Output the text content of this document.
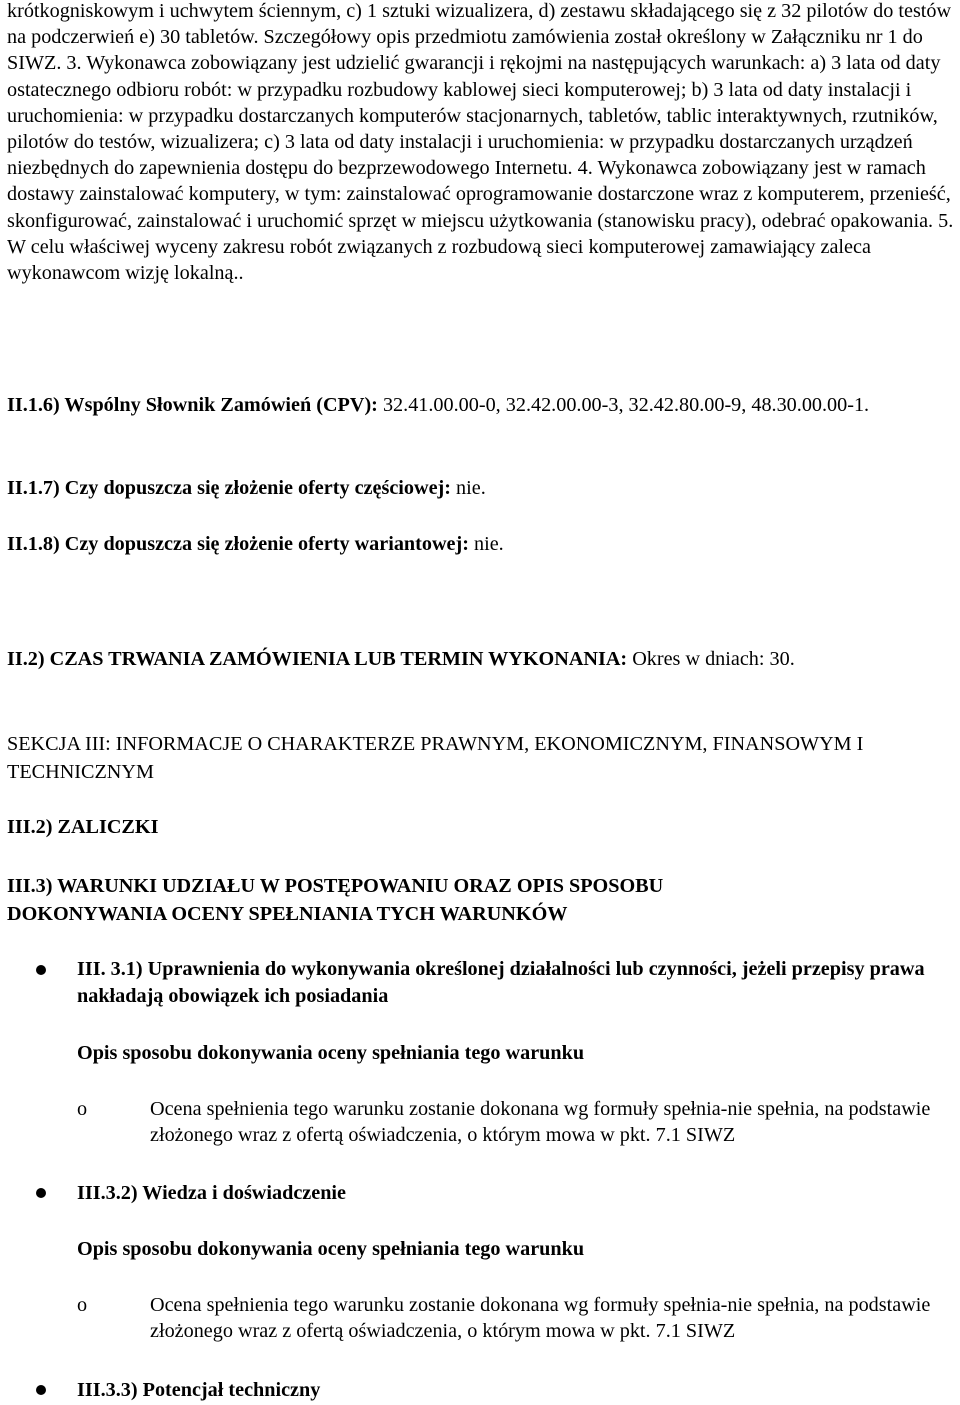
krótkogniskowym i uchwytem ściennym, c) 1 sztuki wizualizera, d) zestawu składającego się z 32 pilotów do testów na podczerwień e) 30 tabletów. Szczegółowy opis przedmiotu zamówienia został określony w Załączniku nr 1 do SIWZ. 3. Wykonawca zobowiązany jest udzielić gwarancji i rękojmi na następujących warunkach: a) 3 lata od daty ostatecznego odbioru robót: w przypadku rozbudowy kablowej sieci komputerowej; b) 3 lata od daty instalacji i uruchomienia: w przypadku dostarczanych komputerów stacjonarnych, tabletów, tablic interaktywnych, rzutników, pilotów do testów, wizualizera; c) 3 lata od daty instalacji i uruchomienia: w przypadku dostarczanych urządzeń niezbędnych do zapewnienia dostępu do bezprzewodowego Internetu. 4. Wykonawca zobowiązany jest w ramach dostawy zainstalować komputery, w tym: zainstalować oprogramowanie dostarczone wraz z komputerem, przenieść, skonfigurować, zainstalować i uruchomić sprzęt w miejscu użytkowania (stanowisku pracy), odebrać opakowania. 5. W celu właściwej wyceny zakresu robót związanych z rozbudową sieci komputerowej zamawiający zaleca wykonawcom wizję lokalną..

II.1.6) Wspólny Słownik Zamówień (CPV): 32.41.00.00-0, 32.42.00.00-3, 32.42.80.00-9, 48.30.00.00-1.

II.1.7) Czy dopuszcza się złożenie oferty częściowej: nie.

II.1.8) Czy dopuszcza się złożenie oferty wariantowej: nie.

II.2) CZAS TRWANIA ZAMÓWIENIA LUB TERMIN WYKONANIA: Okres w dniach: 30.

SEKCJA III: INFORMACJE O CHARAKTERZE PRAWNYM, EKONOMICZNYM, FINANSOWYM I TECHNICZNYM

III.2) ZALICZKI

III.3) WARUNKI UDZIAŁU W POSTĘPOWANIU ORAZ OPIS SPOSOBU DOKONYWANIA OCENY SPEŁNIANIA TYCH WARUNKÓW

III. 3.1) Uprawnienia do wykonywania określonej działalności lub czynności, jeżeli przepisy prawa nakładają obowiązek ich posiadania

Opis sposobu dokonywania oceny spełniania tego warunku

o	Ocena spełnienia tego warunku zostanie dokonana wg formuły spełnia-nie spełnia, na podstawie złożonego wraz z ofertą oświadczenia, o którym mowa w pkt. 7.1 SIWZ

III.3.2) Wiedza i doświadczenie

Opis sposobu dokonywania oceny spełniania tego warunku

o	Ocena spełnienia tego warunku zostanie dokonana wg formuły spełnia-nie spełnia, na podstawie złożonego wraz z ofertą oświadczenia, o którym mowa w pkt. 7.1 SIWZ

III.3.3) Potencjał techniczny
